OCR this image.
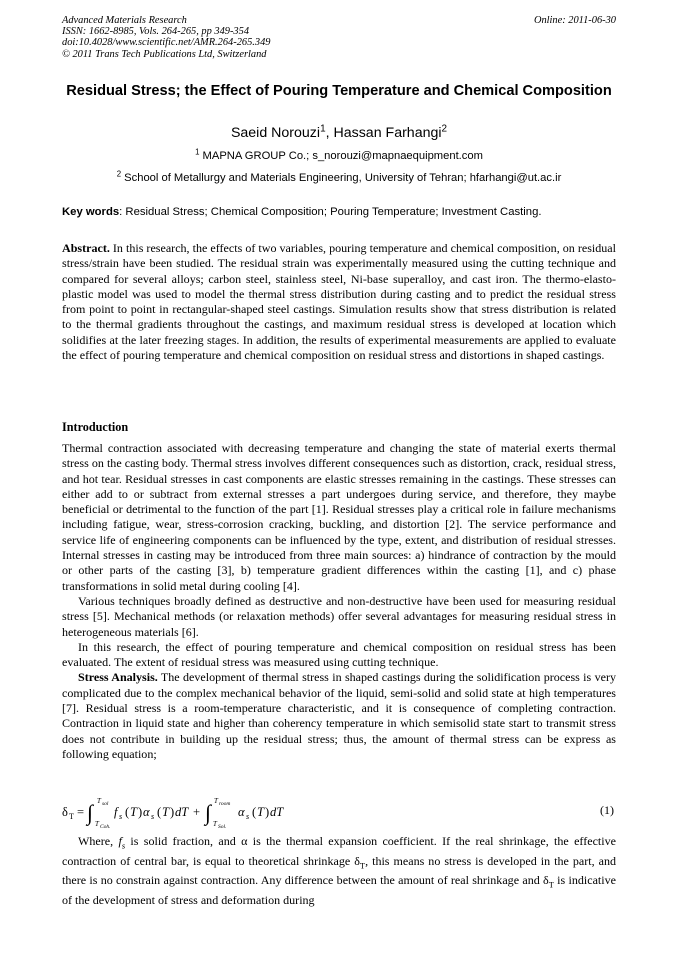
Advanced Materials Research
ISSN: 1662-8985, Vols. 264-265, pp 349-354
doi:10.4028/www.scientific.net/AMR.264-265.349
© 2011 Trans Tech Publications Ltd, Switzerland
Online: 2011-06-30
Residual Stress; the Effect of Pouring Temperature and Chemical Composition
Saeid Norouzi$^1$, Hassan Farhangi$^2$
$^1$ MAPNA GROUP Co.; s_norouzi@mapnaequipment.com
$^2$ School of Metallurgy and Materials Engineering, University of Tehran; hfarhangi@ut.ac.ir
Key words: Residual Stress; Chemical Composition; Pouring Temperature; Investment Casting.

Abstract. In this research, the effects of two variables, pouring temperature and chemical composition, on residual stress/strain have been studied. The residual strain was experimentally measured using the cutting technique and compared for several alloys; carbon steel, stainless steel, Ni-base superalloy, and cast iron. The thermo-elasto-plastic model was used to model the thermal stress distribution during casting and to predict the residual stress from point to point in rectangular-shaped steel castings. Simulation results show that stress distribution is related to the thermal gradients throughout the castings, and maximum residual stress is developed at location which solidifies at the later freezing stages. In addition, the results of experimental measurements are applied to evaluate the effect of pouring temperature and chemical composition on residual stress and distortions in shaped castings.

Introduction

Thermal contraction associated with decreasing temperature and changing the state of material exerts thermal stress on the casting body. Thermal stress involves different consequences such as distortion, crack, residual stress, and hot tear. Residual stresses in cast components are elastic stresses remaining in the castings. These stresses can either add to or subtract from external stresses a part undergoes during service, and therefore, they maybe beneficial or detrimental to the function of the part [1]. Residual stresses play a critical role in failure mechanisms including fatigue, wear, stress-corrosion cracking, buckling, and distortion [2]. The service performance and service life of engineering components can be influenced by the type, extent, and distribution of residual stresses. Internal stresses in casting may be introduced from three main sources: a) hindrance of contraction by the mould or other parts of the casting [3], b) temperature gradient differences within the casting [1], and c) phase transformations in solid metal during cooling [4].

Various techniques broadly defined as destructive and non-destructive have been used for measuring residual stress [5]. Mechanical methods (or relaxation methods) offer several advantages for measuring residual stress in heterogeneous materials [6].

In this research, the effect of pouring temperature and chemical composition on residual stress has been evaluated. The extent of residual stress was measured using cutting technique.

Stress Analysis. The development of thermal stress in shaped castings during the solidification process is very complicated due to the complex mechanical behavior of the liquid, semi-solid and solid state at high temperatures [7]. Residual stress is a room-temperature characteristic, and it is consequence of completing contraction. Contraction in liquid state and higher than coherency temperature in which semisolid state start to transmit stress does not contribute in building up the residual stress; thus, the amount of thermal stress can be express as following equation;

δ T = ∫ T sol
T Coh.
f s ( T ) α s ( T ) dT + ∫ T room
T Sol.
α s ( T ) dT	(1)

Where, $f_s$ is solid fraction, and α is the thermal expansion coefficient. If the real shrinkage, the effective contraction of central bar, is equal to theoretical shrinkage $\delta_T$, this means no stress is developed in the part, and there is no constrain against contraction. Any difference between the amount of real shrinkage and $\delta_T$ is indicative of the development of stress and deformation during
